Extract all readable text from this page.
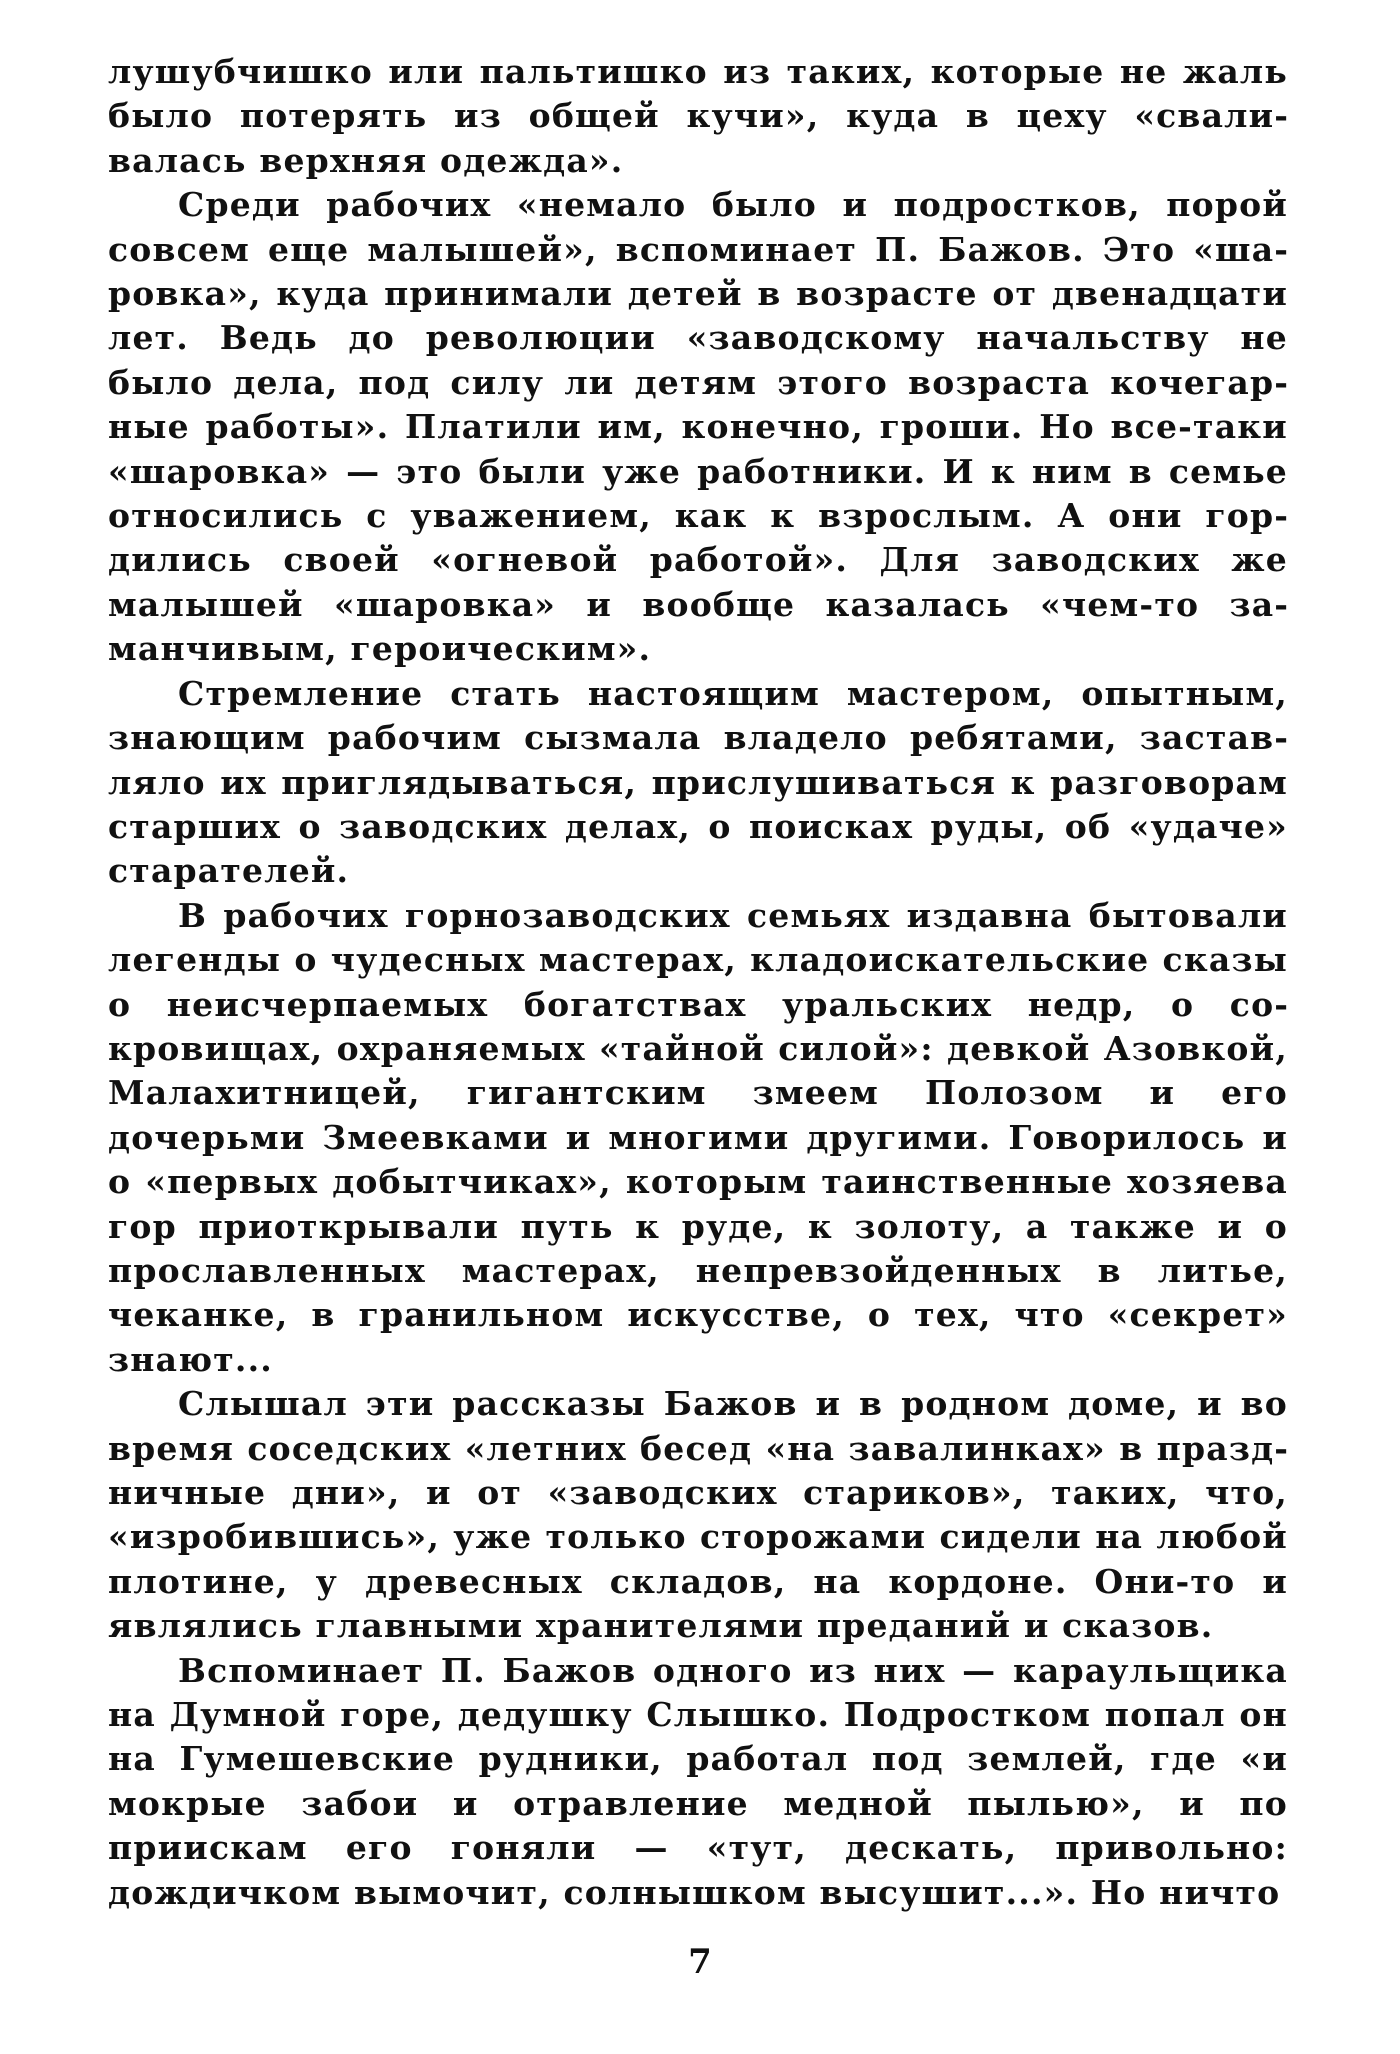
лушубчишко или пальтишко из таких, которые не жаль было потерять из общей кучи», куда в цеху «сваливалась верхняя одежда».

Среди рабочих «немало было и подростков, порой совсем еще малышей», вспоминает П. Бажов. Это «шаровка», куда принимали детей в возрасте от двенадцати лет. Ведь до революции «заводскому начальству не было дела, под силу ли детям этого возраста кочегарные работы». Платили им, конечно, гроши. Но все-таки «шаровка» — это были уже работники. И к ним в семье относились с уважением, как к взрослым. А они гордились своей «огневой работой». Для заводских же малышей «шаровка» и вообще казалась «чем-то заманчивым, героическим».

Стремление стать настоящим мастером, опытным, знающим рабочим сызмала владело ребятами, заставляло их приглядываться, прислушиваться к разговорам старших о заводских делах, о поисках руды, об «удаче» старателей.

В рабочих горнозаводских семьях издавна бытовали легенды о чудесных мастерах, кладоискательские сказы о неисчерпаемых богатствах уральских недр, о сокровищах, охраняемых «тайной силой»: девкой Азовкой, Малахитницей, гигантским змеем Полозом и его дочерьми Змеевками и многими другими. Говорилось и о «первых добытчиках», которым таинственные хозяева гор приоткрывали путь к руде, к золоту, а также и о прославленных мастерах, непревзойденных в литье, чеканке, в гранильном искусстве, о тех, что «секрет» знают...

Слышал эти рассказы Бажов и в родном доме, и во время соседских «летних бесед «на завалинках» в праздничные дни», и от «заводских стариков», таких, что, «изробившись», уже только сторожами сидели на любой плотине, у древесных складов, на кордоне. Они-то и являлись главными хранителями преданий и сказов.

Вспоминает П. Бажов одного из них — караульщика на Думной горе, дедушку Слышко. Подростком попал он на Гумешевские рудники, работал под землей, где «и мокрые забои и отравление медной пылью», и по приискам его гоняли — «тут, дескать, привольно: дождичком вымочит, солнышком высушит...». Но ничто

7
